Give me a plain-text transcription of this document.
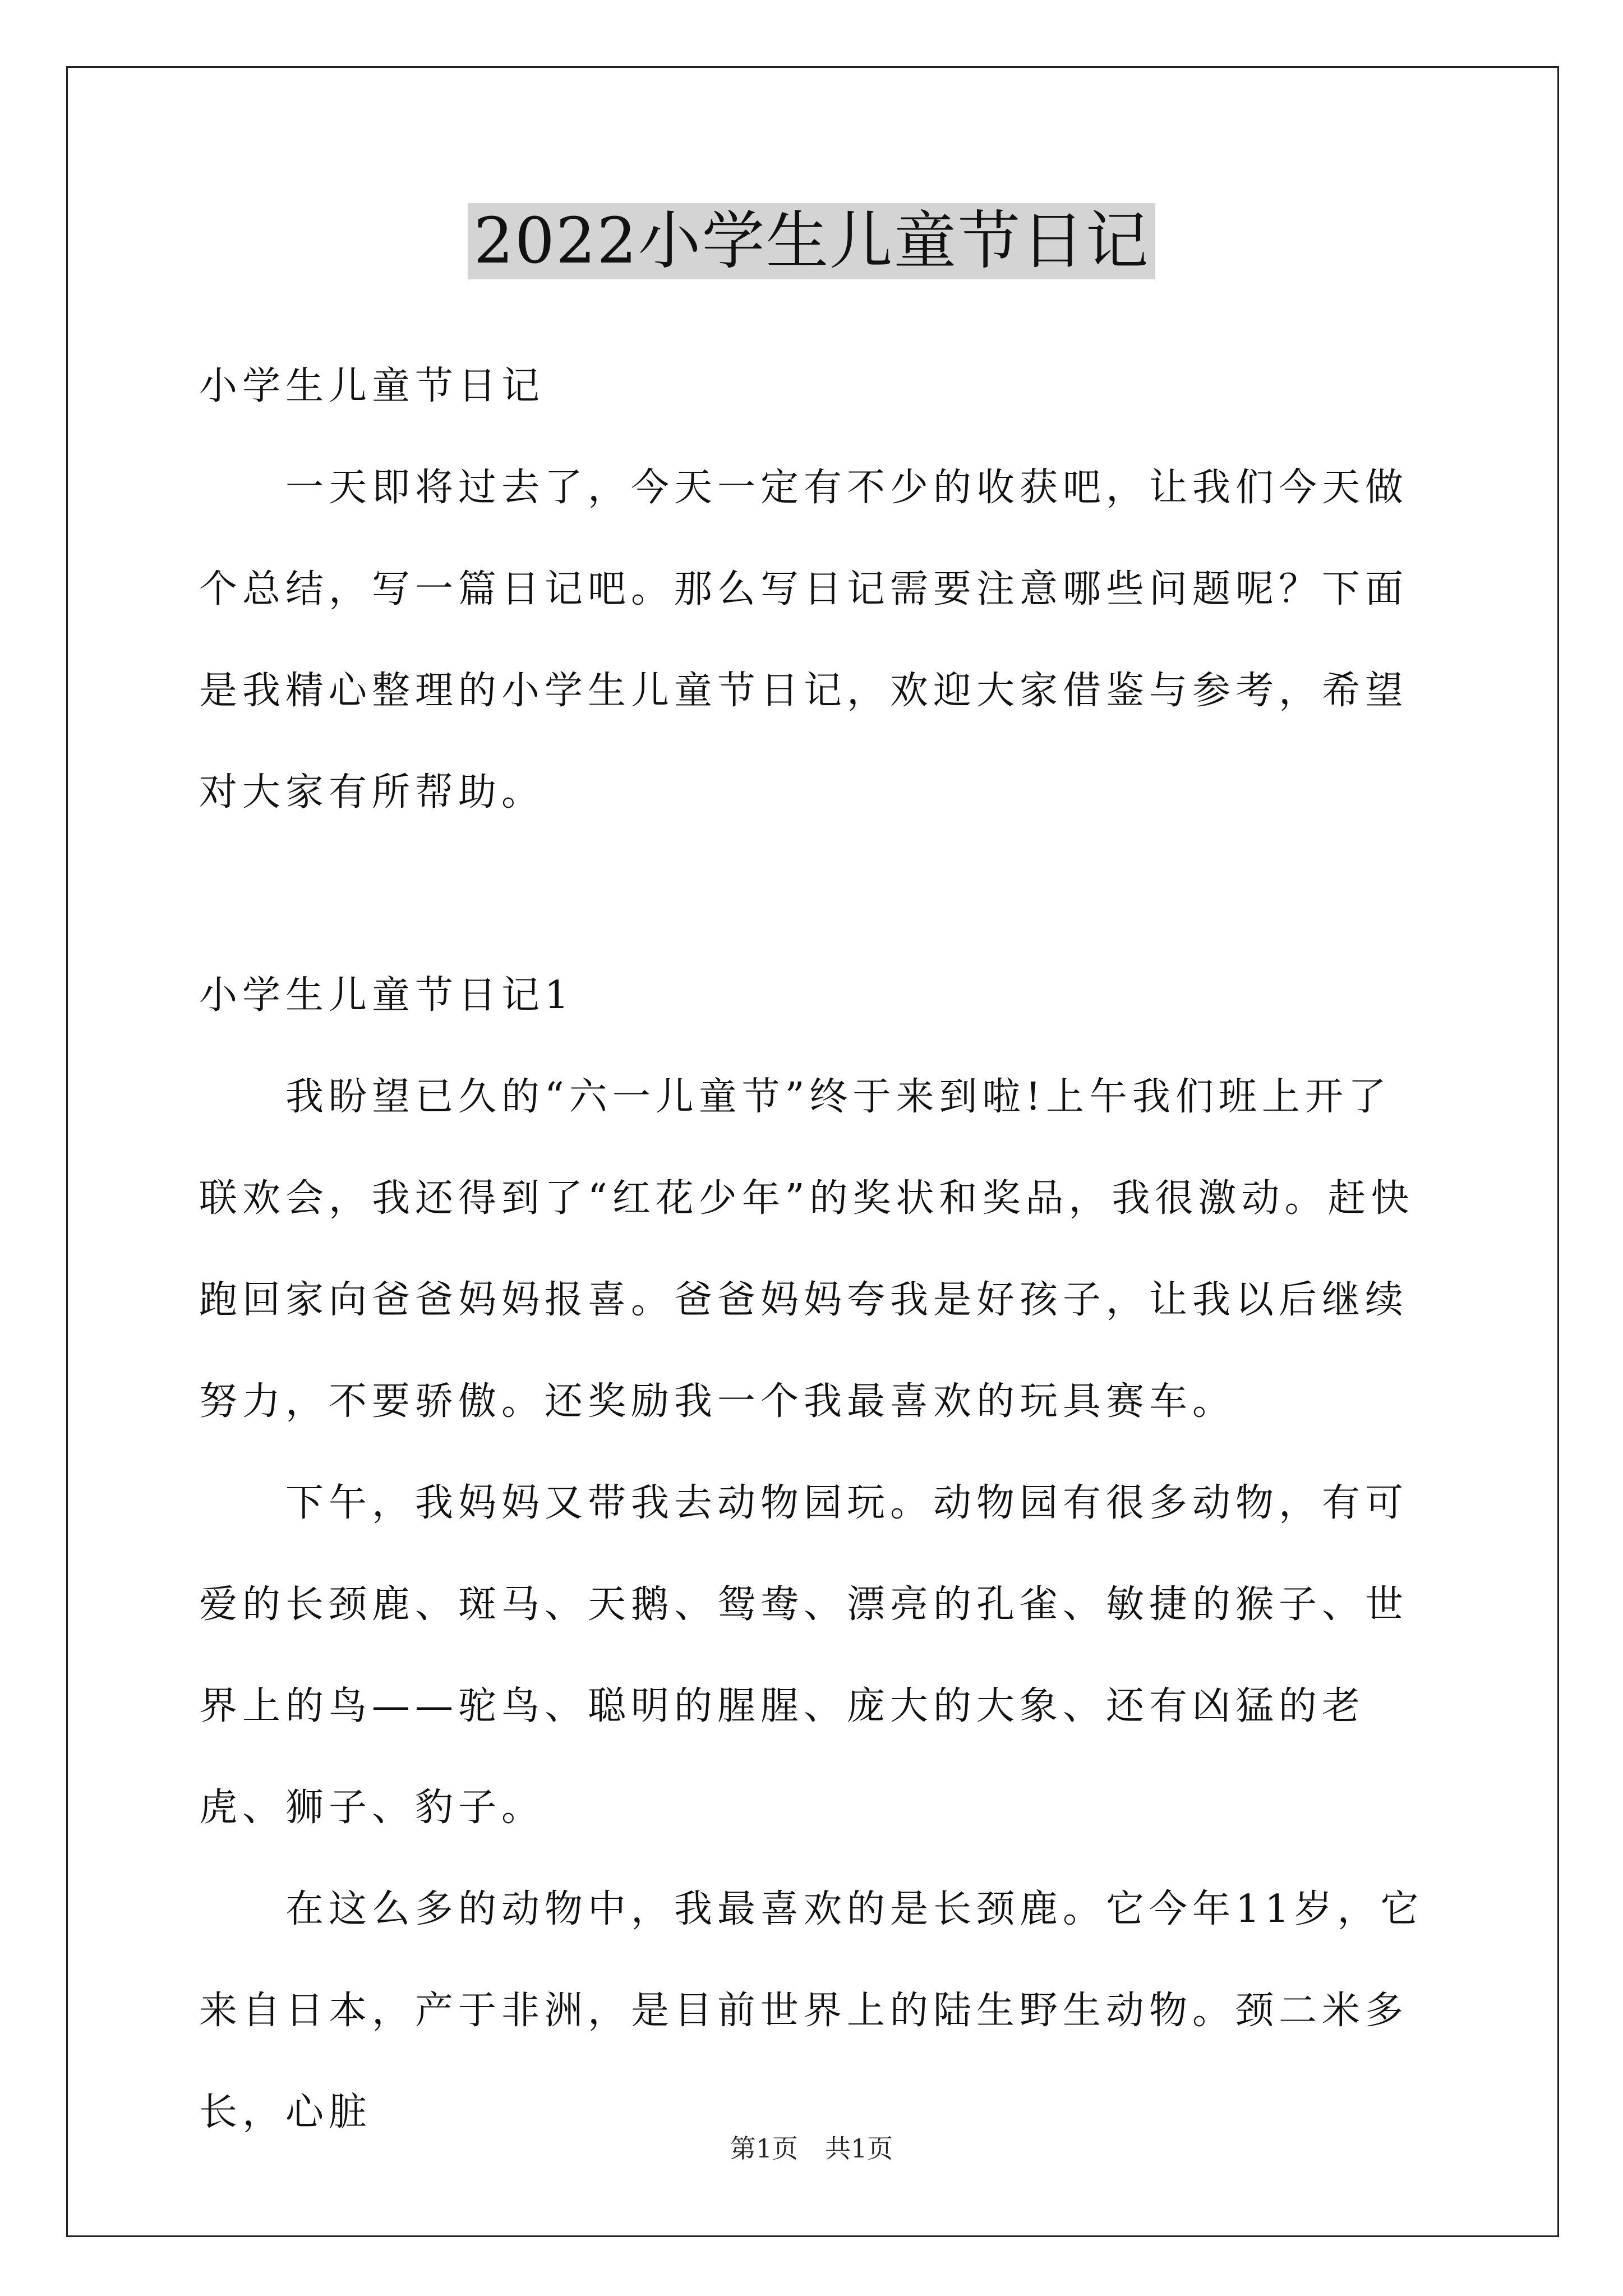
2022小学生儿童节日记

小学生儿童节日记

一天即将过去了，今天一定有不少的收获吧，让我们今天做个总结，写一篇日记吧。那么写日记需要注意哪些问题呢？下面是我精心整理的小学生儿童节日记，欢迎大家借鉴与参考，希望对大家有所帮助。

小学生儿童节日记1

我盼望已久的“六一儿童节”终于来到啦!上午我们班上开了联欢会，我还得到了“红花少年”的奖状和奖品，我很激动。赶快跑回家向爸爸妈妈报喜。爸爸妈妈夸我是好孩子，让我以后继续努力，不要骄傲。还奖励我一个我最喜欢的玩具赛车。

下午，我妈妈又带我去动物园玩。动物园有很多动物，有可爱的长颈鹿、斑马、天鹅、鸳鸯、漂亮的孔雀、敏捷的猴子、世界上的鸟——驼鸟、聪明的腥腥、庞大的大象、还有凶猛的老虎、狮子、豹子。

在这么多的动物中，我最喜欢的是长颈鹿。它今年11岁，它来自日本，产于非洲，是目前世界上的陆生野生动物。颈二米多长，心脏

第1页 共1页
